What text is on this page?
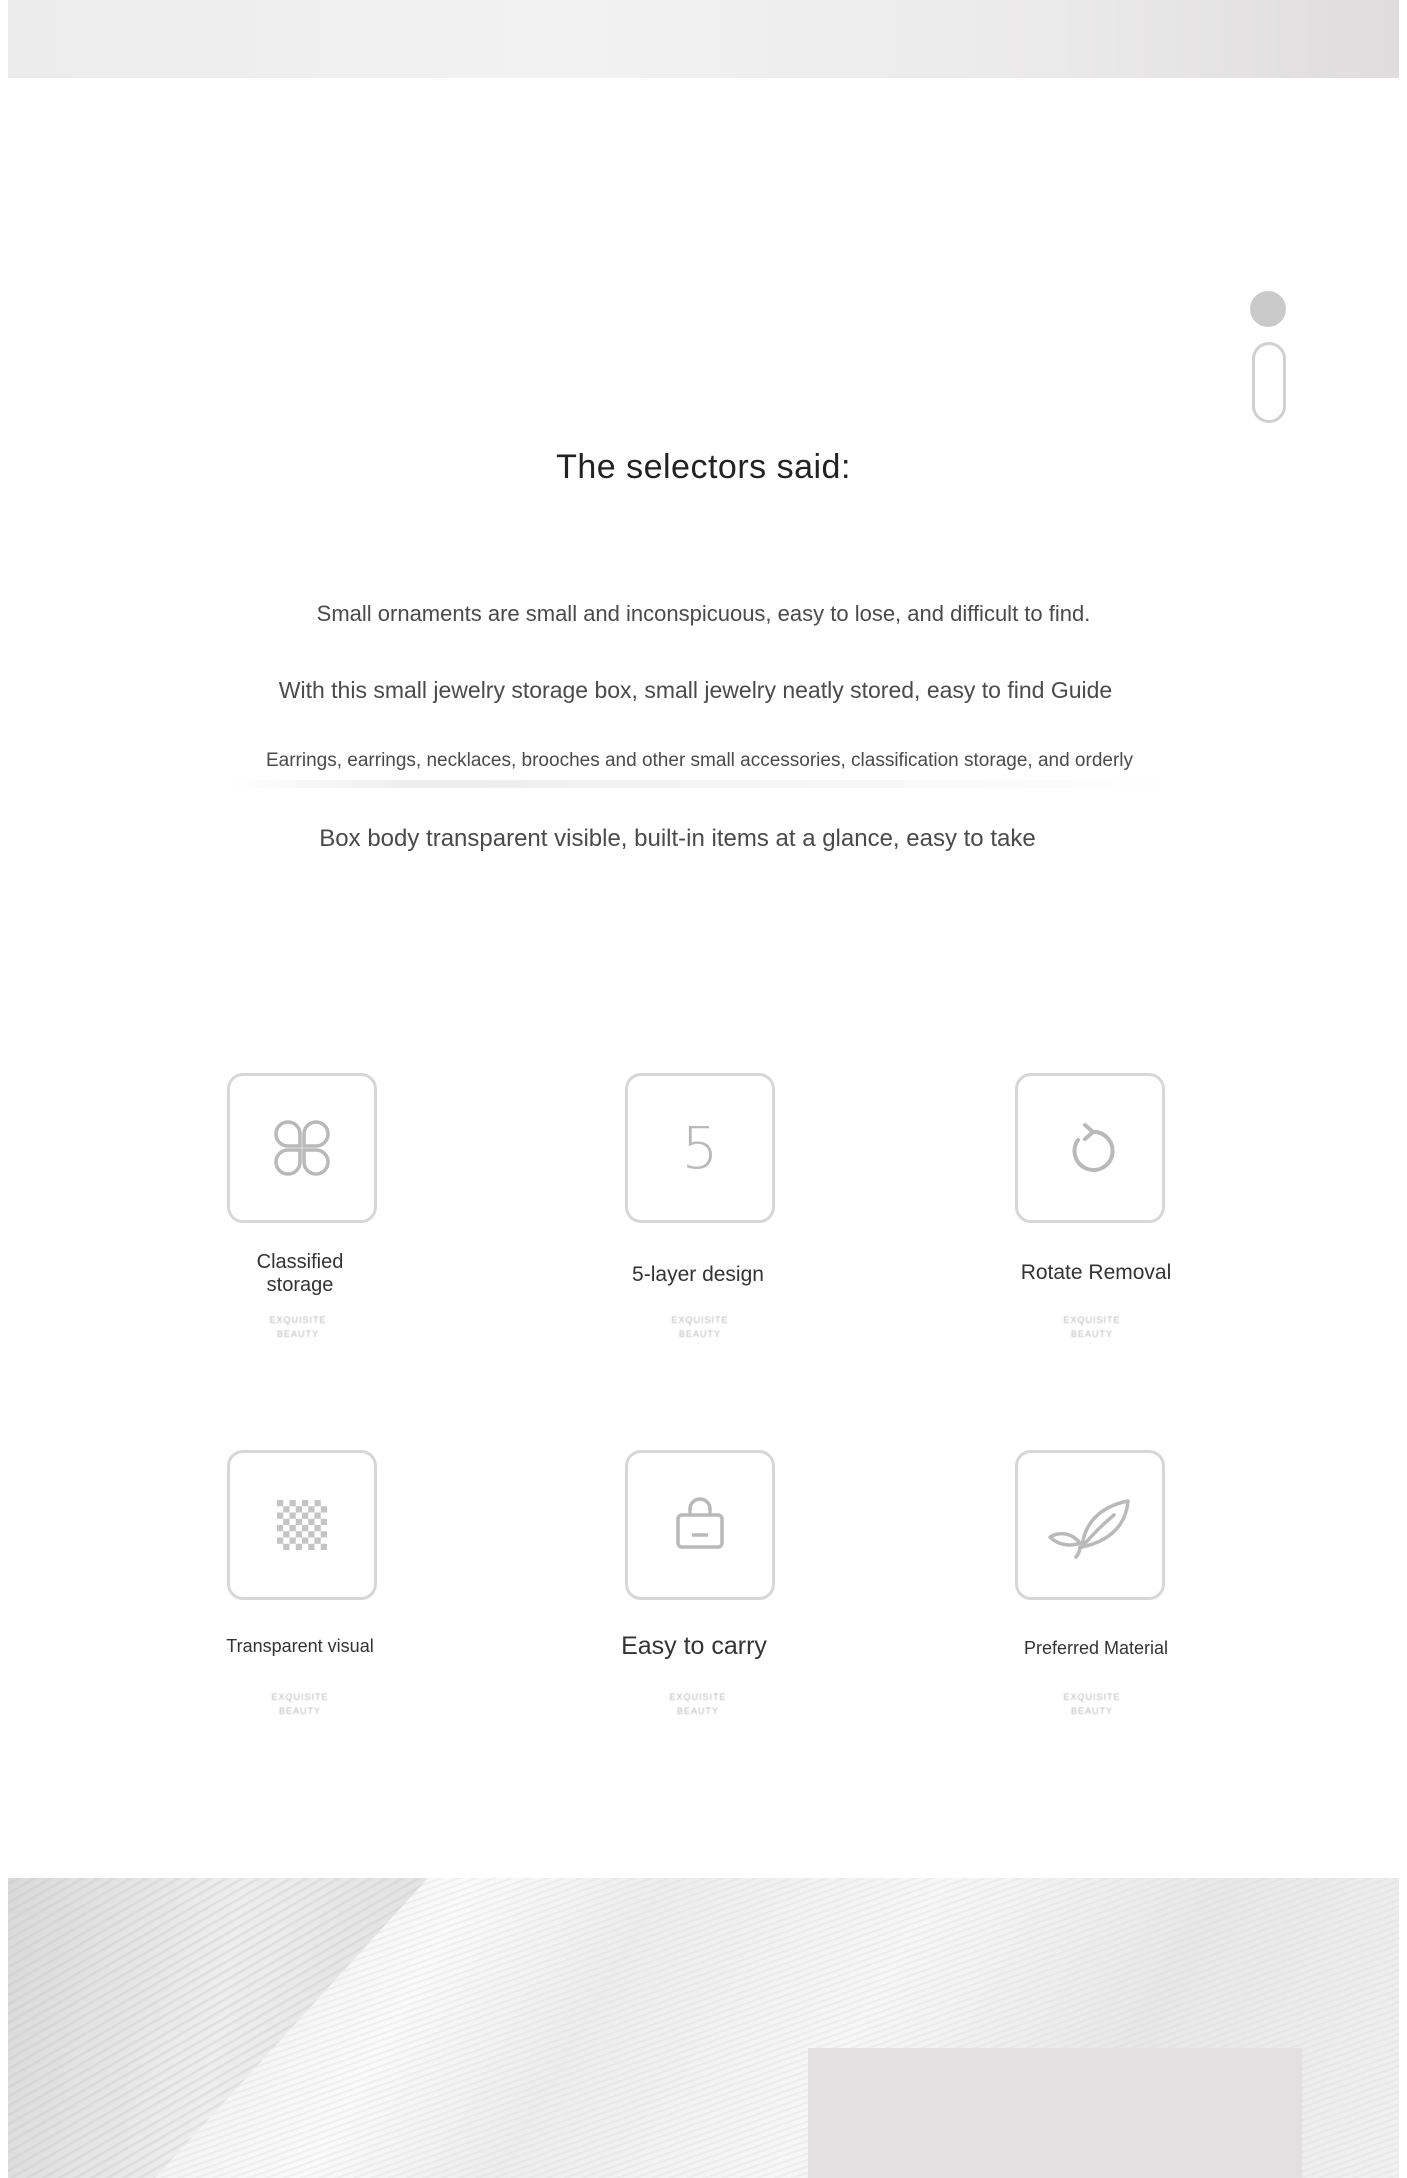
The selectors said:
Small ornaments are small and inconspicuous, easy to lose, and difficult to find.
With this small jewelry storage box, small jewelry neatly stored, easy to find Guide
Earrings, earrings, necklaces, brooches and other small accessories, classification storage, and orderly
Box body transparent visible, built-in items at a glance, easy to take
Classified storage
EXQUISITE
BEAUTY
5
5-layer design
EXQUISITE
BEAUTY
Rotate Removal
EXQUISITE
BEAUTY
Transparent visual
EXQUISITE
BEAUTY
Easy to carry
EXQUISITE
BEAUTY
Preferred Material
EXQUISITE
BEAUTY
